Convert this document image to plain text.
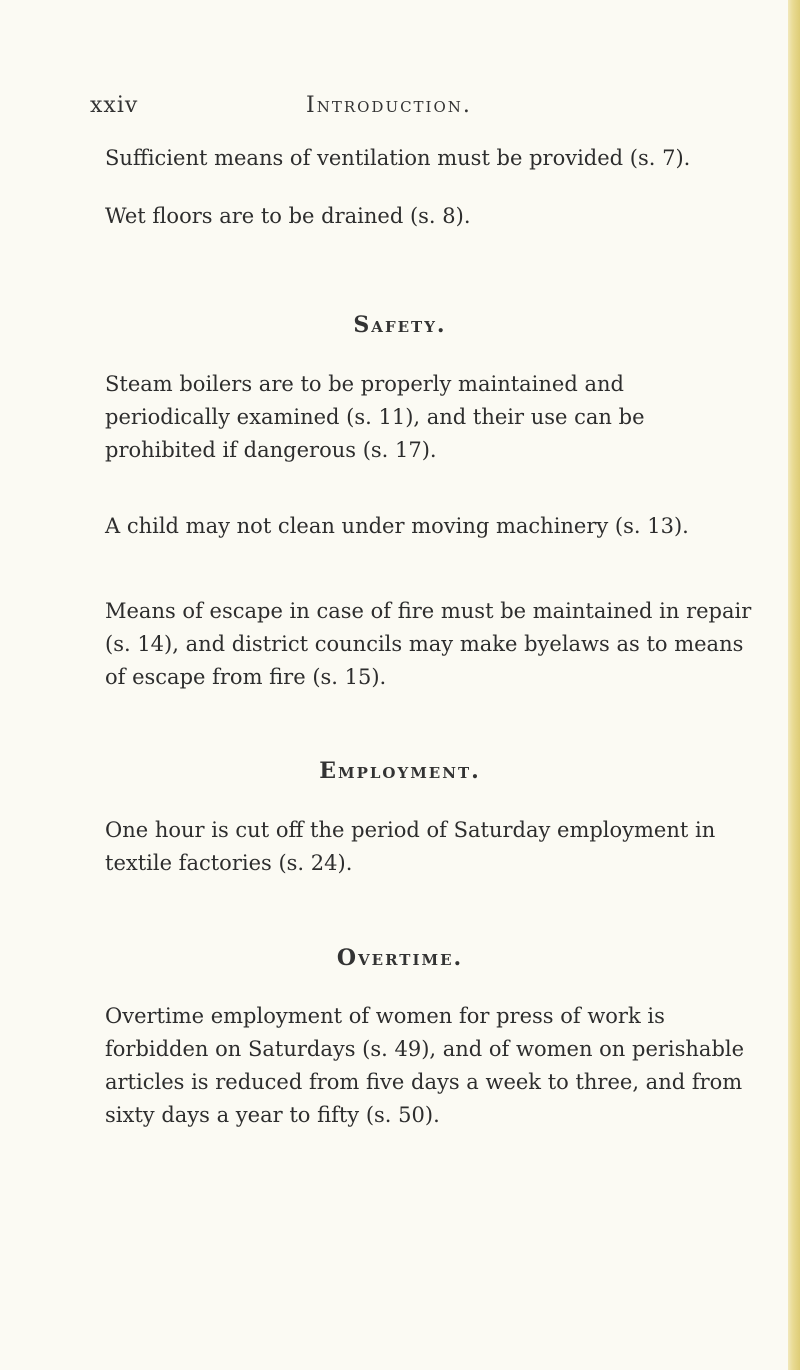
xxiv	Introduction.

Sufficient means of ventilation must be provided (s. 7).

Wet floors are to be drained (s. 8).

Safety.

Steam boilers are to be properly maintained and periodically examined (s. 11), and their use can be prohibited if dangerous (s. 17).

A child may not clean under moving machinery (s. 13).

Means of escape in case of fire must be maintained in repair (s. 14), and district councils may make byelaws as to means of escape from fire (s. 15).

Employment.

One hour is cut off the period of Saturday employment in textile factories (s. 24).

Overtime.

Overtime employment of women for press of work is forbidden on Saturdays (s. 49), and of women on perishable articles is reduced from five days a week to three, and from sixty days a year to fifty (s. 50).
